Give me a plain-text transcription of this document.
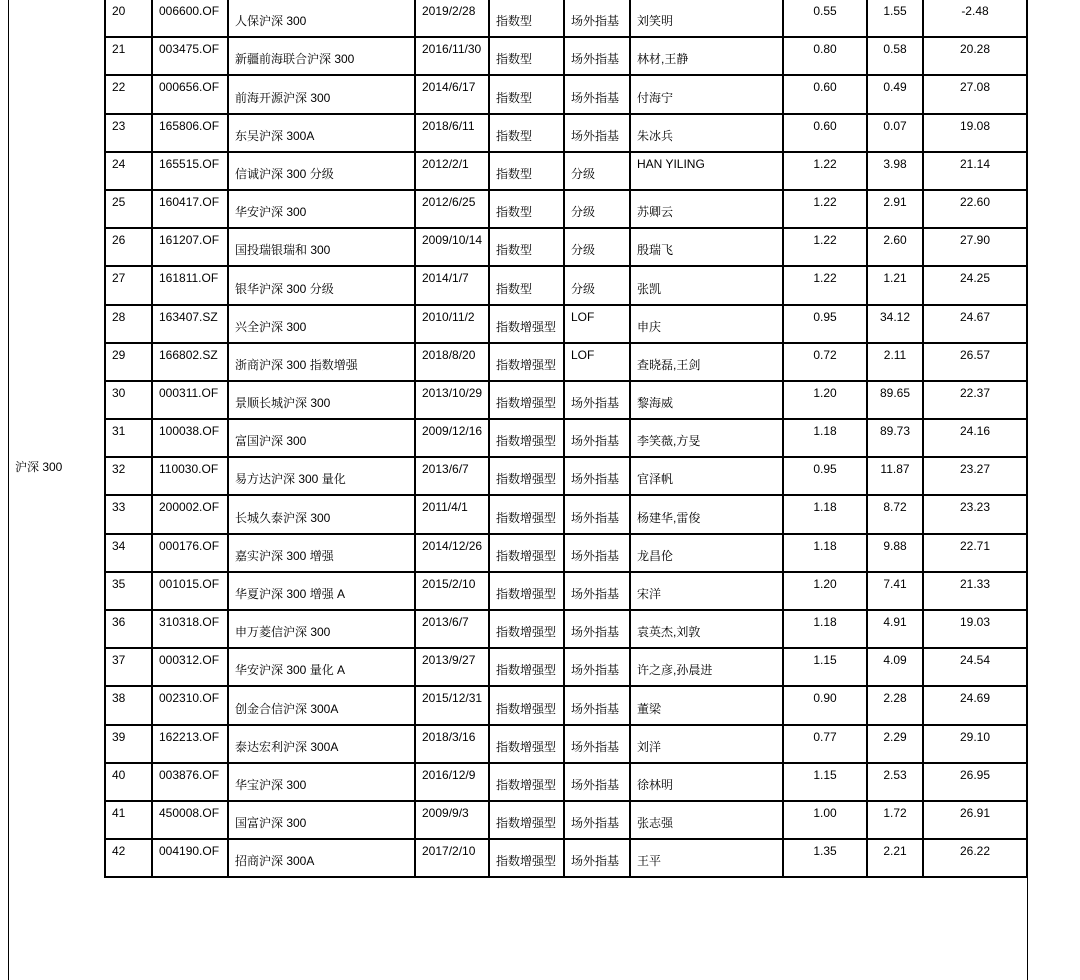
沪深 300
20	006600.OF	人保沪深 300	2019/2/28	指数型	场外指基	刘笑明	0.55	1.55	-2.48

21	003475.OF	新疆前海联合沪深 300	2016/11/30	指数型	场外指基	林材,王静	0.80	0.58	20.28

22	000656.OF	前海开源沪深 300	2014/6/17	指数型	场外指基	付海宁	0.60	0.49	27.08

23	165806.OF	东吴沪深 300A	2018/6/11	指数型	场外指基	朱冰兵	0.60	0.07	19.08

24	165515.OF	信诚沪深 300 分级	2012/2/1	指数型	分级	HAN YILING	1.22	3.98	21.14

25	160417.OF	华安沪深 300	2012/6/25	指数型	分级	苏卿云	1.22	2.91	22.60

26	161207.OF	国投瑞银瑞和 300	2009/10/14	指数型	分级	殷瑞飞	1.22	2.60	27.90

27	161811.OF	银华沪深 300 分级	2014/1/7	指数型	分级	张凯	1.22	1.21	24.25

28	163407.SZ	兴全沪深 300	2010/11/2	指数增强型	LOF	申庆	0.95	34.12	24.67

29	166802.SZ	浙商沪深 300 指数增强	2018/8/20	指数增强型	LOF	查晓磊,王剑	0.72	2.11	26.57

30	000311.OF	景顺长城沪深 300	2013/10/29	指数增强型	场外指基	黎海威	1.20	89.65	22.37

31	100038.OF	富国沪深 300	2009/12/16	指数增强型	场外指基	李笑薇,方旻	1.18	89.73	24.16

32	110030.OF	易方达沪深 300 量化	2013/6/7	指数增强型	场外指基	官泽帆	0.95	11.87	23.27

33	200002.OF	长城久泰沪深 300	2011/4/1	指数增强型	场外指基	杨建华,雷俊	1.18	8.72	23.23

34	000176.OF	嘉实沪深 300 增强	2014/12/26	指数增强型	场外指基	龙昌伦	1.18	9.88	22.71

35	001015.OF	华夏沪深 300 增强 A	2015/2/10	指数增强型	场外指基	宋洋	1.20	7.41	21.33

36	310318.OF	申万菱信沪深 300	2013/6/7	指数增强型	场外指基	袁英杰,刘敦	1.18	4.91	19.03

37	000312.OF	华安沪深 300 量化 A	2013/9/27	指数增强型	场外指基	许之彦,孙晨进	1.15	4.09	24.54

38	002310.OF	创金合信沪深 300A	2015/12/31	指数增强型	场外指基	董梁	0.90	2.28	24.69

39	162213.OF	泰达宏利沪深 300A	2018/3/16	指数增强型	场外指基	刘洋	0.77	2.29	29.10

40	003876.OF	华宝沪深 300	2016/12/9	指数增强型	场外指基	徐林明	1.15	2.53	26.95

41	450008.OF	国富沪深 300	2009/9/3	指数增强型	场外指基	张志强	1.00	1.72	26.91

42	004190.OF	招商沪深 300A	2017/2/10	指数增强型	场外指基	王平	1.35	2.21	26.22
